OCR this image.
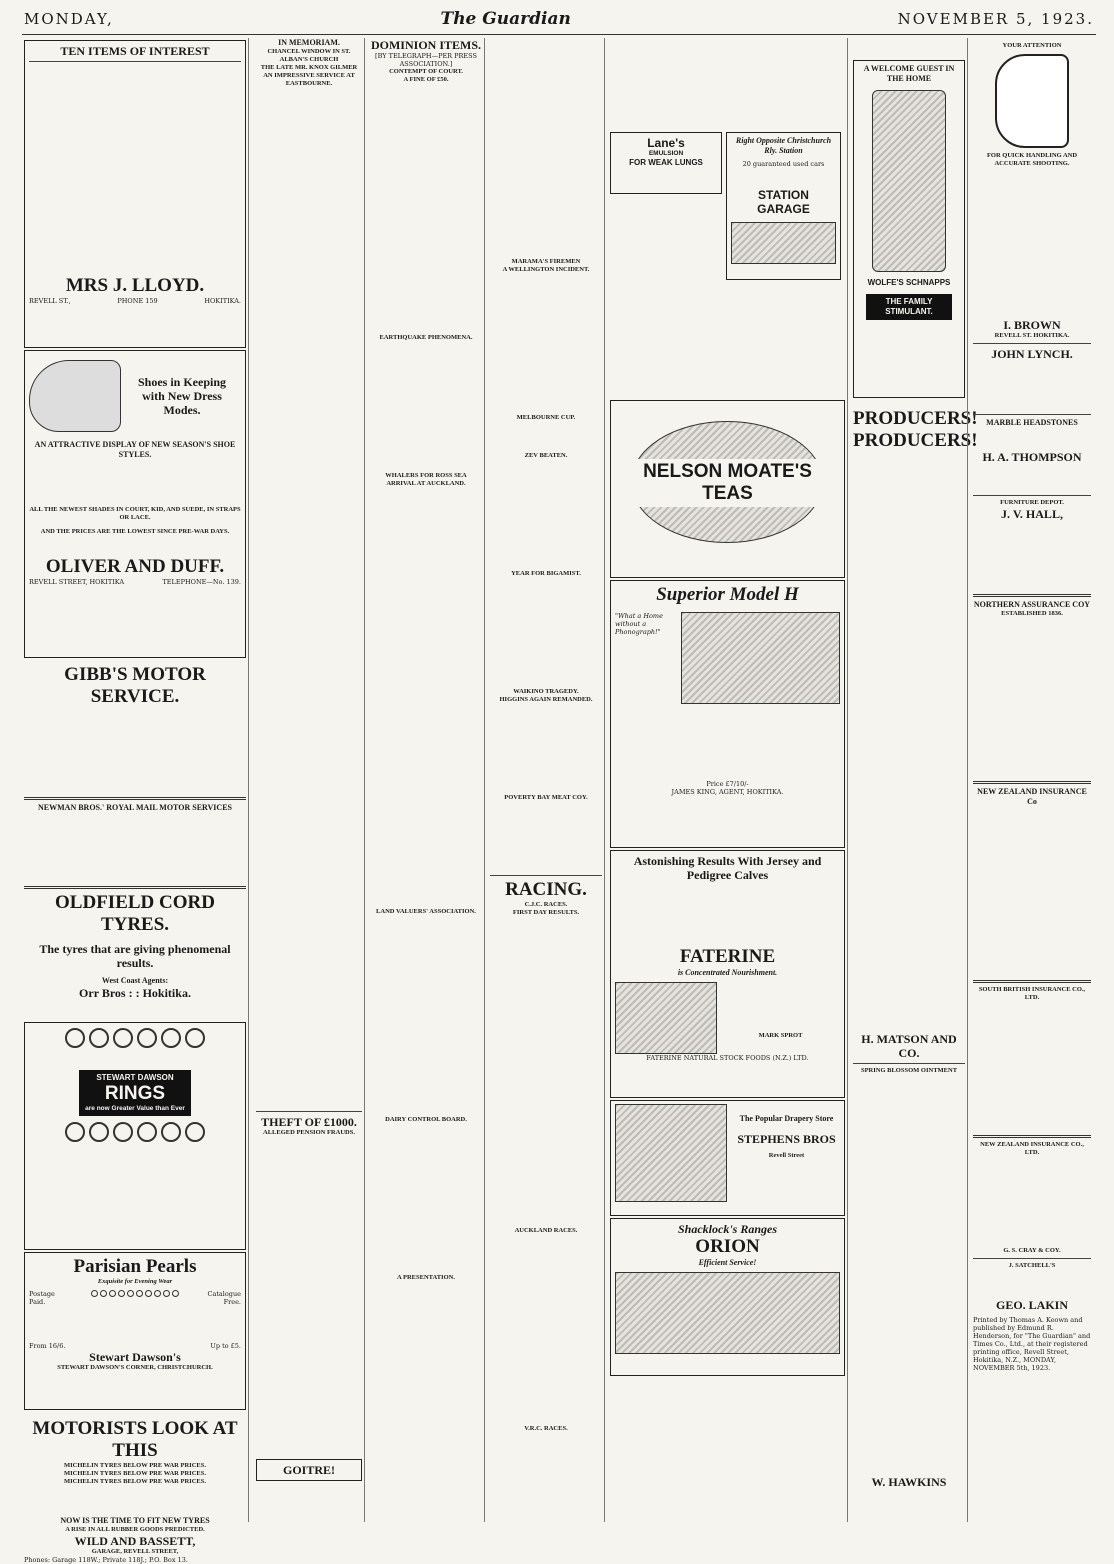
MONDAY,	The Guardian	NOVEMBER 5, 1923.
TEN ITEMS OF INTEREST
MRS J. LLOYD.
REVELL ST.,	PHONE 159	HOKITIKA.
Shoes in Keeping with New Dress Modes.
AN ATTRACTIVE DISPLAY OF NEW SEASON'S SHOE STYLES.
ALL THE NEWEST SHADES IN COURT, KID, AND SUEDE, IN STRAPS OR LACE.
AND THE PRICES ARE THE LOWEST SINCE PRE-WAR DAYS.
OLIVER AND DUFF.
REVELL STREET, HOKITIKA	TELEPHONE—No. 139.
GIBB'S MOTOR SERVICE.
NEWMAN BROS.' ROYAL MAIL MOTOR SERVICES
OLDFIELD CORD TYRES.
The tyres that are giving phenomenal results.
West Coast Agents:
Orr Bros : : Hokitika.
STEWART DAWSON
RINGS
are now Greater Value than Ever
Parisian Pearls
Exquisite for Evening Wear
Postage Paid.
Catalogue Free.
From 16/6.	Up to £5.
Stewart Dawson's
STEWART DAWSON'S CORNER, CHRISTCHURCH.
MOTORISTS LOOK AT THIS
MICHELIN TYRES BELOW PRE WAR PRICES.
MICHELIN TYRES BELOW PRE WAR PRICES.
MICHELIN TYRES BELOW PRE WAR PRICES.
NOW IS THE TIME TO FIT NEW TYRES
A RISE IN ALL RUBBER GOODS PREDICTED.
WILD AND BASSETT,
GARAGE, REVELL STREET,
Phones: Garage 118W.; Private 118J.; P.O. Box 13.
IN MEMORIAM.
CHANCEL WINDOW IN ST. ALBAN'S CHURCH
THE LATE MR. KNOX GILMER
AN IMPRESSIVE SERVICE AT EASTBOURNE.
THEFT OF £1000.
ALLEGED PENSION FRAUDS.
GOITRE!
DOMINION ITEMS.
[BY TELEGRAPH—PER PRESS ASSOCIATION.]
CONTEMPT OF COURT.
A FINE OF £50.
EARTHQUAKE PHENOMENA.
WHALERS FOR ROSS SEA
ARRIVAL AT AUCKLAND.
LAND VALUERS' ASSOCIATION.
DAIRY CONTROL BOARD.
A PRESENTATION.
MARAMA'S FIREMEN
A WELLINGTON INCIDENT.
MELBOURNE CUP.
ZEV BEATEN.
YEAR FOR BIGAMIST.
WAIKINO TRAGEDY.
HIGGINS AGAIN REMANDED.
POVERTY BAY MEAT COY.
RACING.
C.J.C. RACES.
FIRST DAY RESULTS.
AUCKLAND RACES.
V.R.C. RACES.
Lane's
EMULSION
FOR WEAK LUNGS
Right Opposite Christchurch Rly. Station
20 guaranteed used cars
STATION GARAGE
NELSON MOATE'S TEAS
Superior Model H
"What a Home without a Phonograph!"
Price £7/10/-
JAMES KING, AGENT, HOKITIKA.
Astonishing Results With Jersey and Pedigree Calves
FATERINE
is Concentrated Nourishment.
MARK SPROT
FATERINE NATURAL STOCK FOODS (N.Z.) LTD.
The Popular Drapery Store
STEPHENS BROS
Revell Street
Shacklock's Ranges
ORION
Efficient Service!
A WELCOME GUEST IN THE HOME
WOLFE'S SCHNAPPS
THE FAMILY STIMULANT.
PRODUCERS! PRODUCERS!
H. MATSON AND CO.
SPRING BLOSSOM OINTMENT
W. HAWKINS
YOUR ATTENTION
FOR QUICK HANDLING AND ACCURATE SHOOTING.
I. BROWN
REVELL ST. HOKITIKA.
JOHN LYNCH.
MARBLE HEADSTONES
H. A. THOMPSON
FURNITURE DEPOT.
J. V. HALL,
NORTHERN ASSURANCE COY
ESTABLISHED 1836.
NEW ZEALAND INSURANCE Co
SOUTH BRITISH INSURANCE CO., LTD.
NEW ZEALAND INSURANCE CO., LTD.
G. S. CRAY & COY.
J. SATCHELL'S
GEO. LAKIN
Printed by Thomas A. Keown and published by Edmund R. Henderson, for "The Guardian" and Times Co., Ltd., at their registered printing office, Revell Street, Hokitika, N.Z., MONDAY, NOVEMBER 5th, 1923.
